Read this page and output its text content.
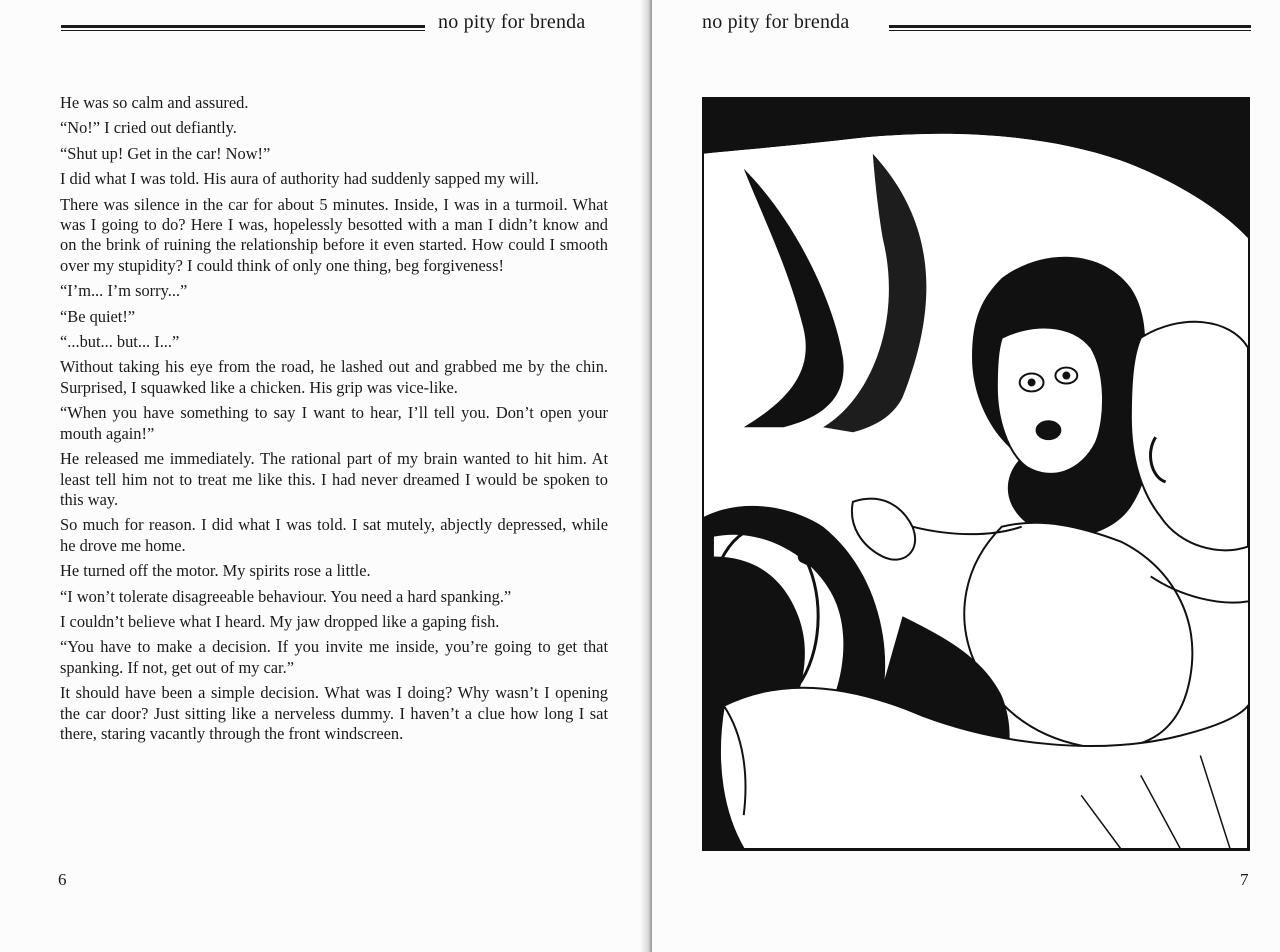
no pity for brenda

He was so calm and assured.

“No!” I cried out defiantly.

“Shut up! Get in the car! Now!”

I did what I was told. His aura of authority had suddenly sapped my will.

There was silence in the car for about 5 minutes. Inside, I was in a turmoil. What was I going to do? Here I was, hopelessly besotted with a man I didn’t know and on the brink of ruining the relationship before it even started. How could I smooth over my stupidity? I could think of only one thing, beg forgiveness!

“I’m... I’m sorry...”

“Be quiet!”

“...but... but... I...”

Without taking his eye from the road, he lashed out and grabbed me by the chin. Surprised, I squawked like a chicken. His grip was vice-like.

“When you have something to say I want to hear, I’ll tell you. Don’t open your mouth again!”

He released me immediately. The rational part of my brain wanted to hit him. At least tell him not to treat me like this. I had never dreamed I would be spoken to this way.

So much for reason. I did what I was told. I sat mutely, abjectly depressed, while he drove me home.

He turned off the motor. My spirits rose a little.

“I won’t tolerate disagreeable behaviour. You need a hard spanking.”

I couldn’t believe what I heard. My jaw dropped like a gaping fish.

“You have to make a decision. If you invite me inside, you’re going to get that spanking. If not, get out of my car.”

It should have been a simple decision. What was I doing? Why wasn’t I opening the car door? Just sitting like a nerveless dummy. I haven’t a clue how long I sat there, staring vacantly through the front windscreen.

6
no pity for brenda
7
